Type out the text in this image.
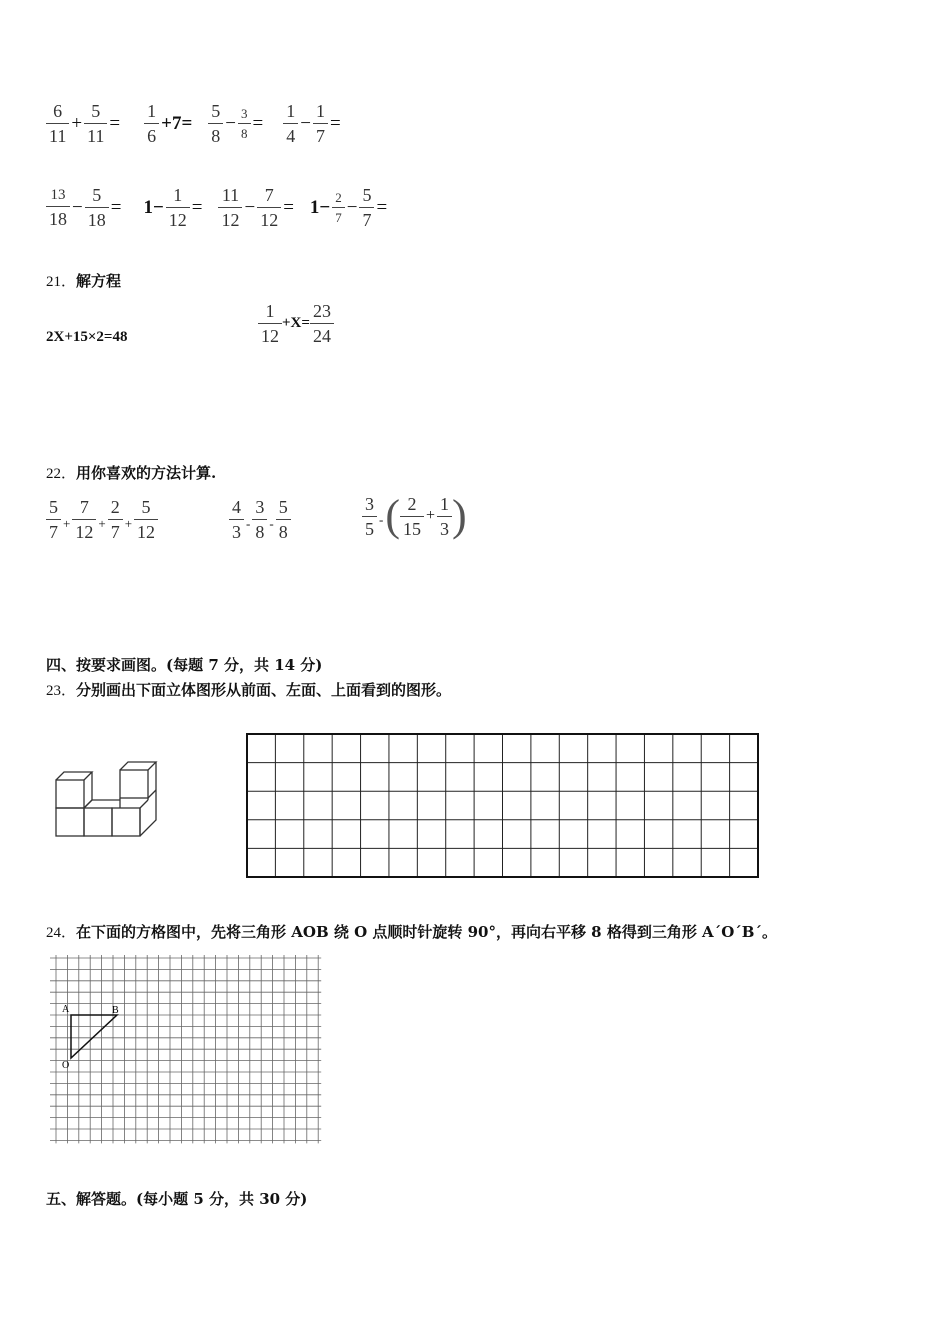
$\frac{6}{11} + \frac{5}{11} = \frac{1}{6} +7= \frac{5}{8} - \frac{3}{8} = \frac{1}{4} - \frac{1}{7}$ =
$\frac{13}{18} - \frac{5}{18} = 1- \frac{1}{12} = \frac{11}{12} - \frac{7}{12} = 1- \frac{2}{7} - \frac{5}{7}$ =
21．解方程
2X+15×2=48	$\frac{1}{12} +X= \frac{23}{24}$
22．用你喜欢的方法计算.
$\frac{5}{7} + \frac{7}{12} + \frac{2}{7} + \frac{5}{12}$	$\frac{4}{3} - \frac{3}{8} - \frac{5}{8}$	$\frac{3}{5}$ - ( $\frac{2}{15} + \frac{1}{3}$ )
四、按要求画图。(每题 7 分，共 14 分)
23．分别画出下面立体图形从前面、左面、上面看到的图形。
24．在下面的方格图中，先将三角形 AOB 绕 O 点顺时针旋转 90°，再向右平移 8 格得到三角形 A´O´B´。
A	B
O
五、解答题。(每小题 5 分，共 30 分)
